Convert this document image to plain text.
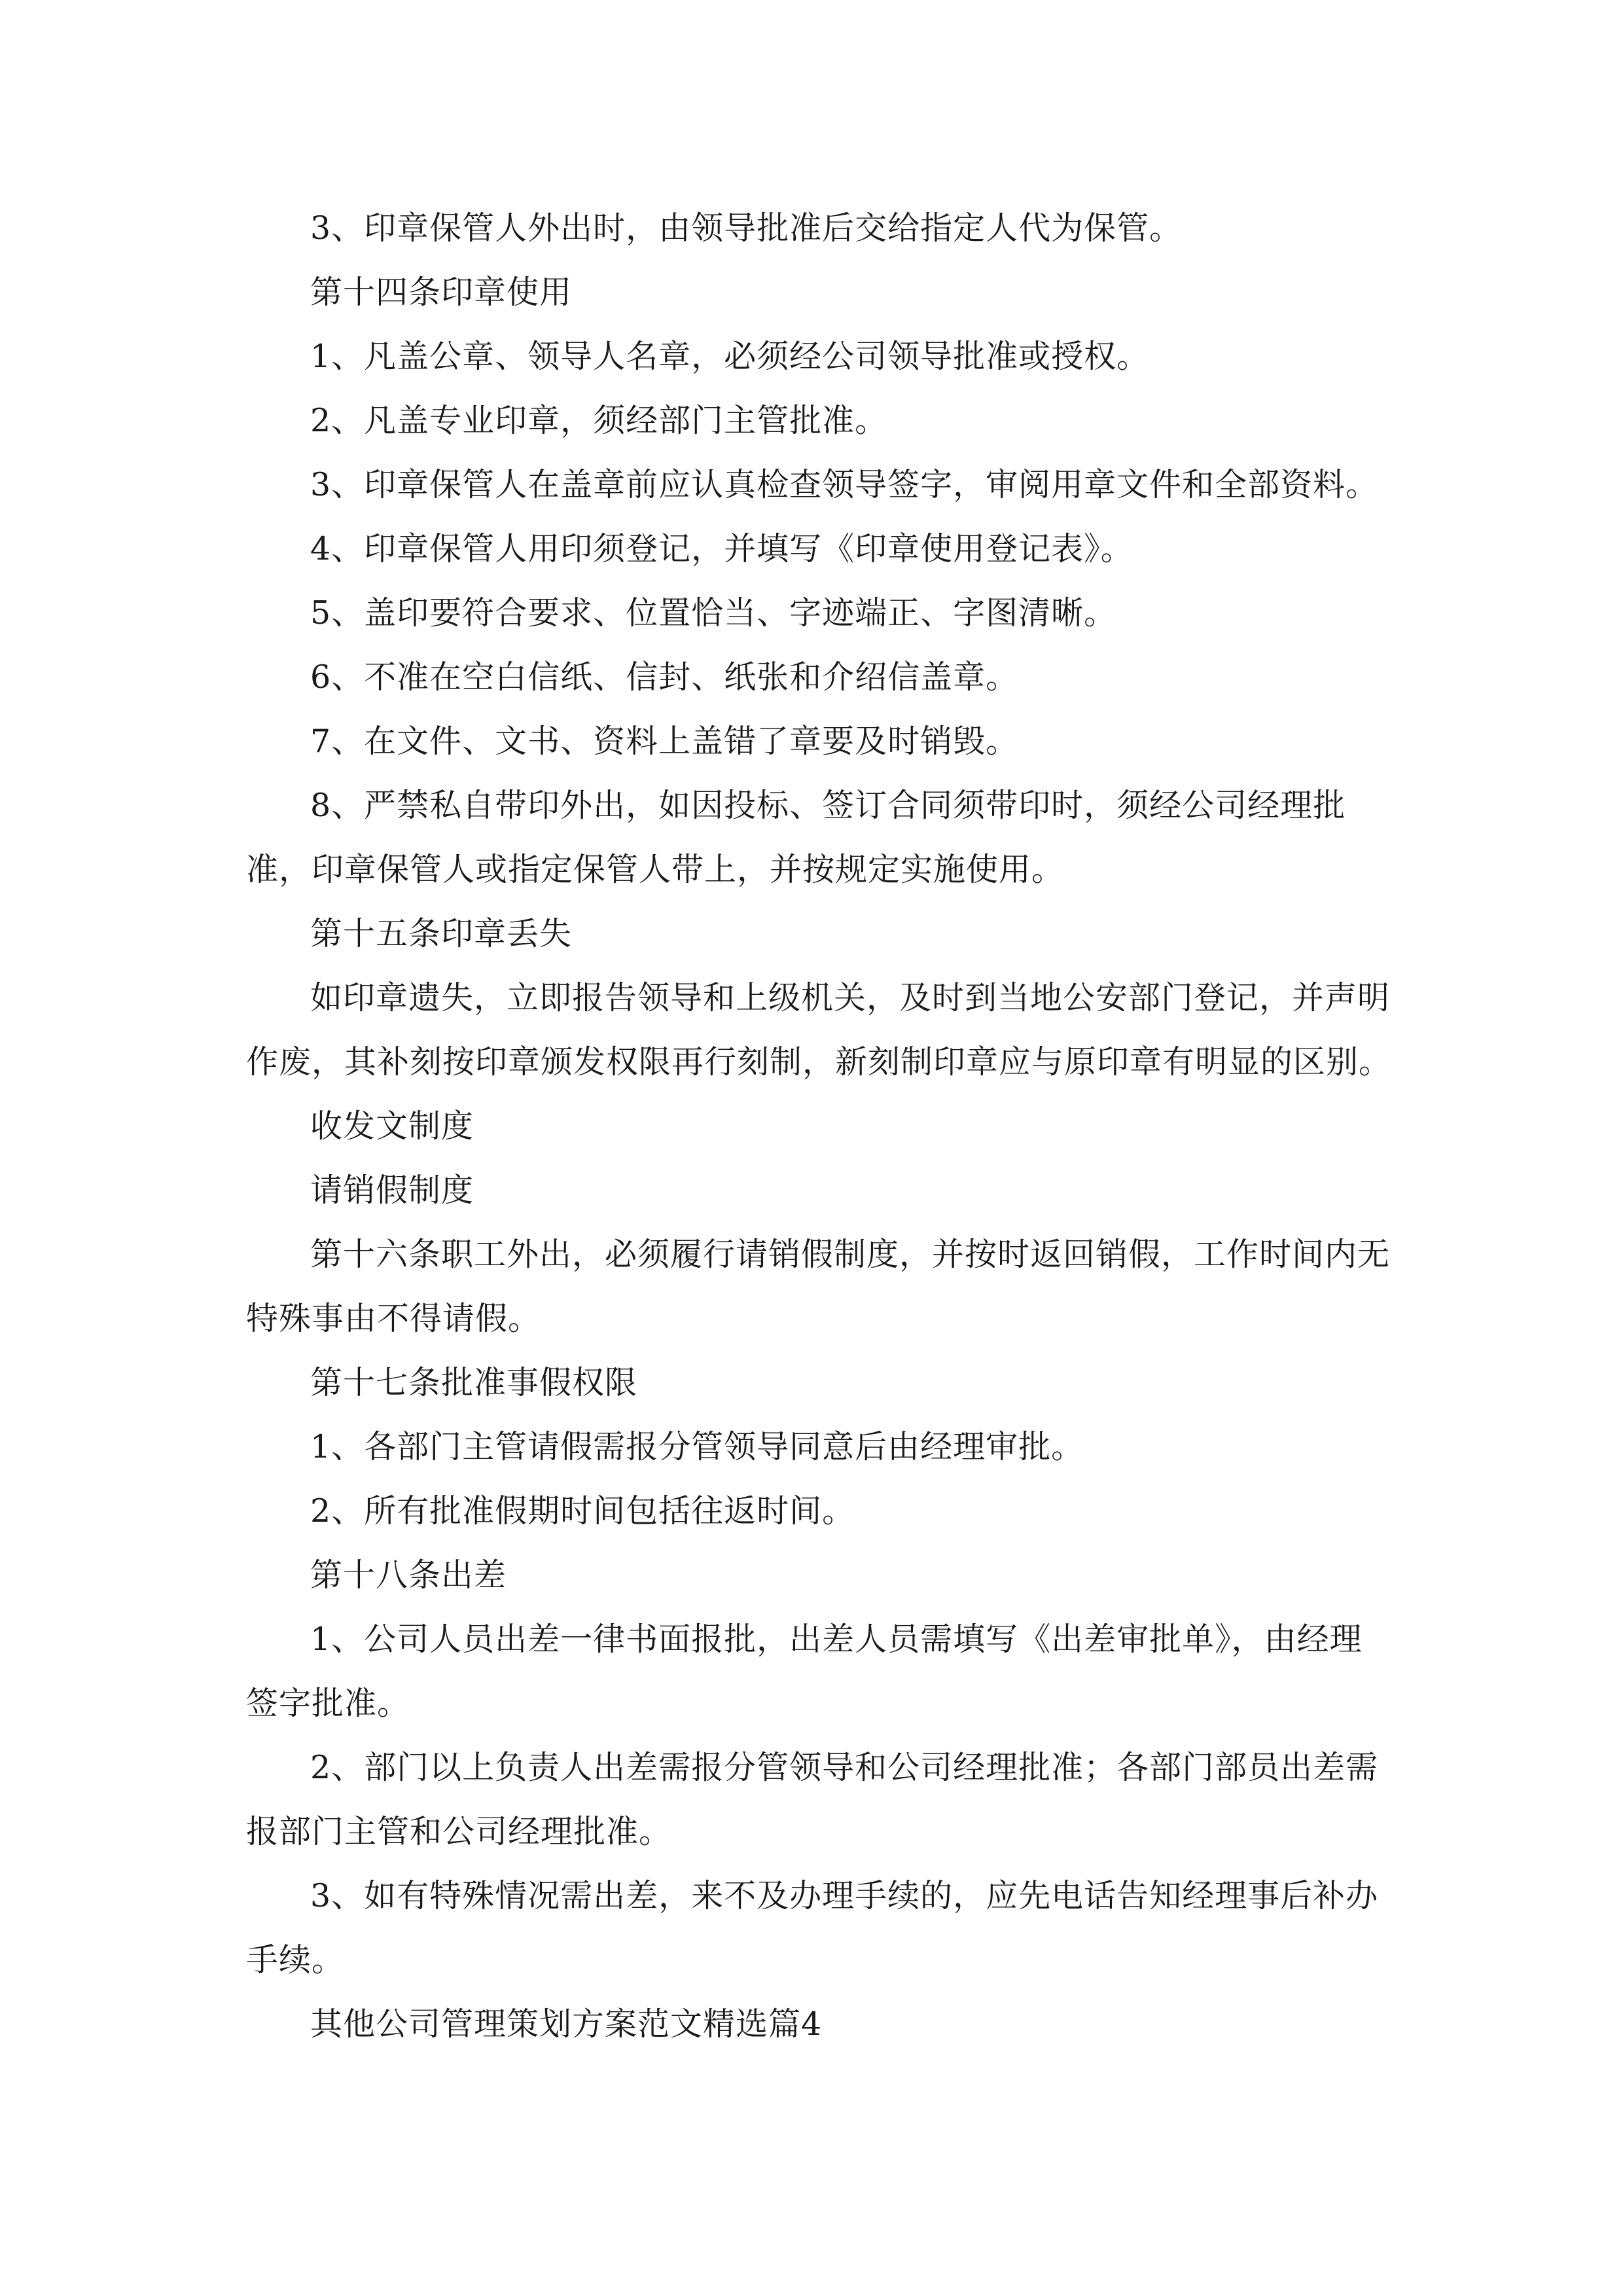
3、印章保管人外出时，由领导批准后交给指定人代为保管。

第十四条印章使用

1、凡盖公章、领导人名章，必须经公司领导批准或授权。

2、凡盖专业印章，须经部门主管批准。

3、印章保管人在盖章前应认真检查领导签字，审阅用章文件和全部资料。

4、印章保管人用印须登记，并填写《印章使用登记表》。

5、盖印要符合要求、位置恰当、字迹端正、字图清晰。

6、不准在空白信纸、信封、纸张和介绍信盖章。

7、在文件、文书、资料上盖错了章要及时销毁。

8、严禁私自带印外出，如因投标、签订合同须带印时，须经公司经理批准，印章保管人或指定保管人带上，并按规定实施使用。

第十五条印章丢失

如印章遗失，立即报告领导和上级机关，及时到当地公安部门登记，并声明作废，其补刻按印章颁发权限再行刻制，新刻制印章应与原印章有明显的区别。

收发文制度

请销假制度

第十六条职工外出，必须履行请销假制度，并按时返回销假，工作时间内无特殊事由不得请假。

第十七条批准事假权限

1、各部门主管请假需报分管领导同意后由经理审批。

2、所有批准假期时间包括往返时间。

第十八条出差

1、公司人员出差一律书面报批，出差人员需填写《出差审批单》，由经理签字批准。

2、部门以上负责人出差需报分管领导和公司经理批准；各部门部员出差需报部门主管和公司经理批准。

3、如有特殊情况需出差，来不及办理手续的，应先电话告知经理事后补办手续。

其他公司管理策划方案范文精选篇4
